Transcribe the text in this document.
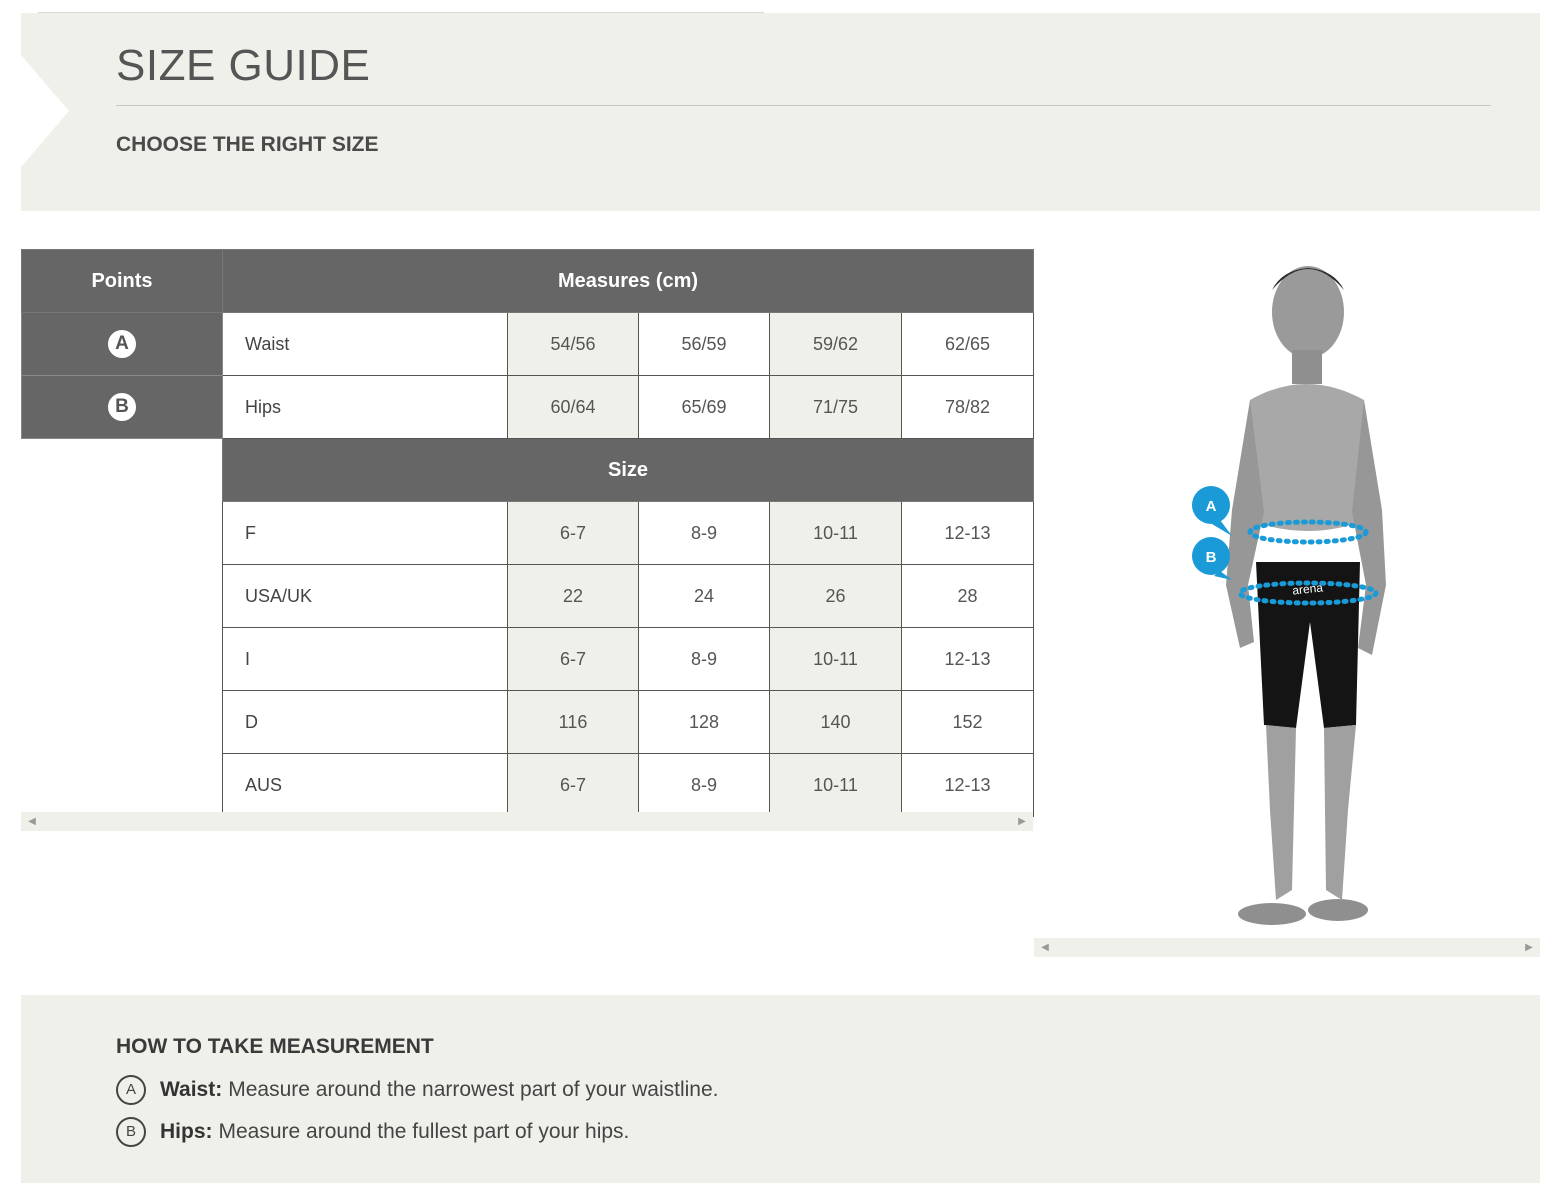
SIZE GUIDE
CHOOSE THE RIGHT SIZE
Points	Measures (cm)				
A	Waist	54/56	56/59	59/62	62/65
B	Hips	60/64	65/69	71/75	78/82
	Size				
	F	6-7	8-9	10-11	12-13
	USA/UK	22	24	26	28
	I	6-7	8-9	10-11	12-13
	D	116	128	140	152
	AUS	6-7	8-9	10-11	12-13
◀	▶
arena
A
B
◀	▶
HOW TO TAKE MEASUREMENT
A	Waist: Measure around the narrowest part of your waistline.
B	Hips: Measure around the fullest part of your hips.
